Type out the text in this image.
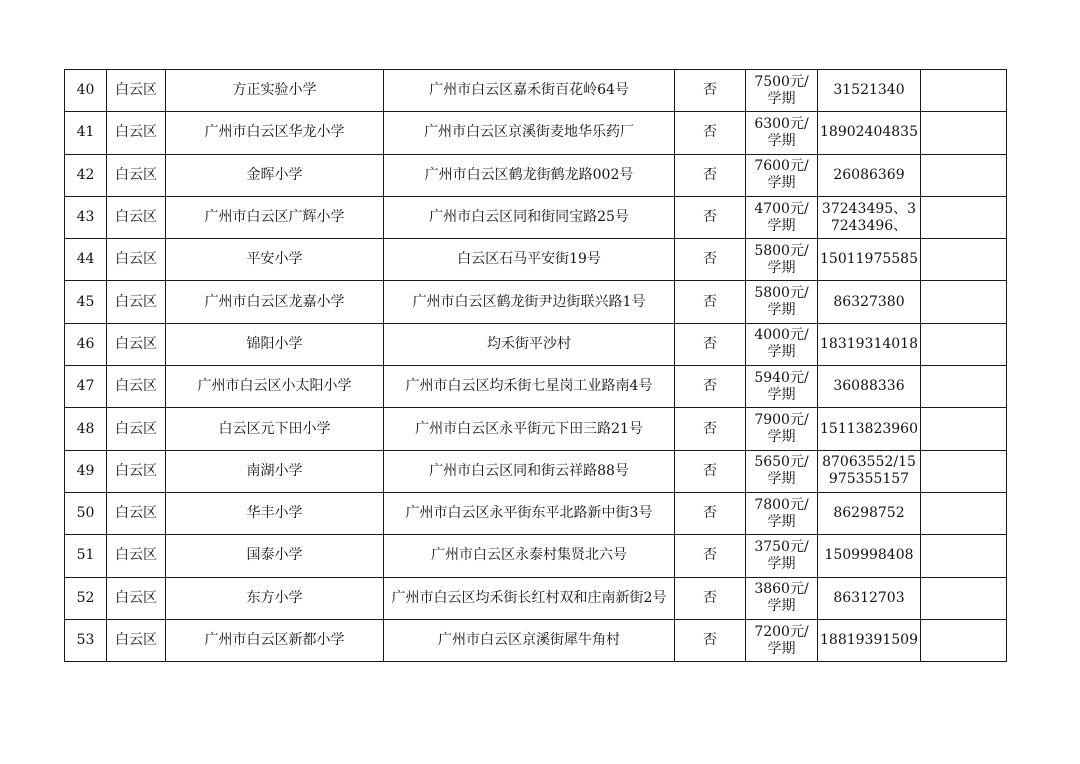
40	白云区	方正实验小学	广州市白云区嘉禾街百花岭64号	否	7500元/学期	31521340	

41	白云区	广州市白云区华龙小学	广州市白云区京溪街麦地华乐药厂	否	6300元/学期	18902404835	

42	白云区	金晖小学	广州市白云区鹤龙街鹤龙路002号	否	7600元/学期	26086369	

43	白云区	广州市白云区广辉小学	广州市白云区同和街同宝路25号	否	4700元/学期	37243495、37243496、	

44	白云区	平安小学	白云区石马平安街19号	否	5800元/学期	15011975585	

45	白云区	广州市白云区龙嘉小学	广州市白云区鹤龙街尹边街联兴路1号	否	5800元/学期	86327380	

46	白云区	锦阳小学	均禾街平沙村	否	4000元/学期	18319314018	

47	白云区	广州市白云区小太阳小学	广州市白云区均禾街七星岗工业路南4号	否	5940元/学期	36088336	

48	白云区	白云区元下田小学	广州市白云区永平街元下田三路21号	否	7900元/学期	15113823960	

49	白云区	南湖小学	广州市白云区同和街云祥路88号	否	5650元/学期	87063552/15975355157	

50	白云区	华丰小学	广州市白云区永平街东平北路新中街3号	否	7800元/学期	86298752	

51	白云区	国泰小学	广州市白云区永泰村集贤北六号	否	3750元/学期	1509998408	

52	白云区	东方小学	广州市白云区均禾街长红村双和庄南新街2号	否	3860元/学期	86312703	

53	白云区	广州市白云区新都小学	广州市白云区京溪街犀牛角村	否	7200元/学期	18819391509	
